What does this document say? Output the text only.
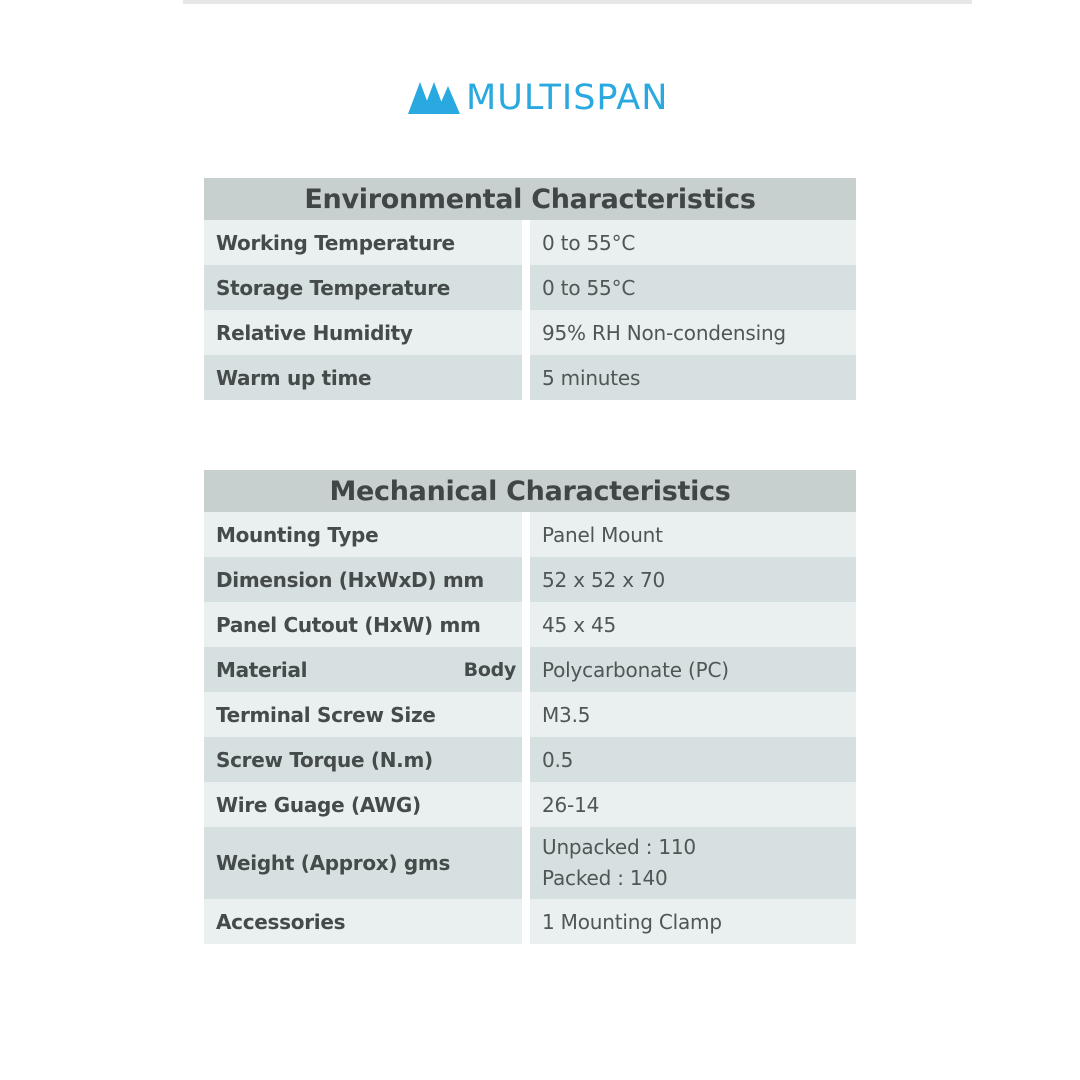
MULTISPAN
Environmental Characteristics	
Working Temperature	0 to 55°C
Storage Temperature	0 to 55°C
Relative Humidity	95% RH Non-condensing
Warm up time	5 minutes
Mechanical Characteristics	
Mounting Type	Panel Mount
Dimension (HxWxD) mm	52 x 52 x 70
Panel Cutout (HxW) mm	45 x 45

Material Body	Polycarbonate (PC)
Terminal Screw Size	M3.5
Screw Torque (N.m)	0.5
Wire Guage (AWG)	26-14
Weight (Approx) gms	Unpacked : 110
Packed : 140

Accessories	1 Mounting Clamp
